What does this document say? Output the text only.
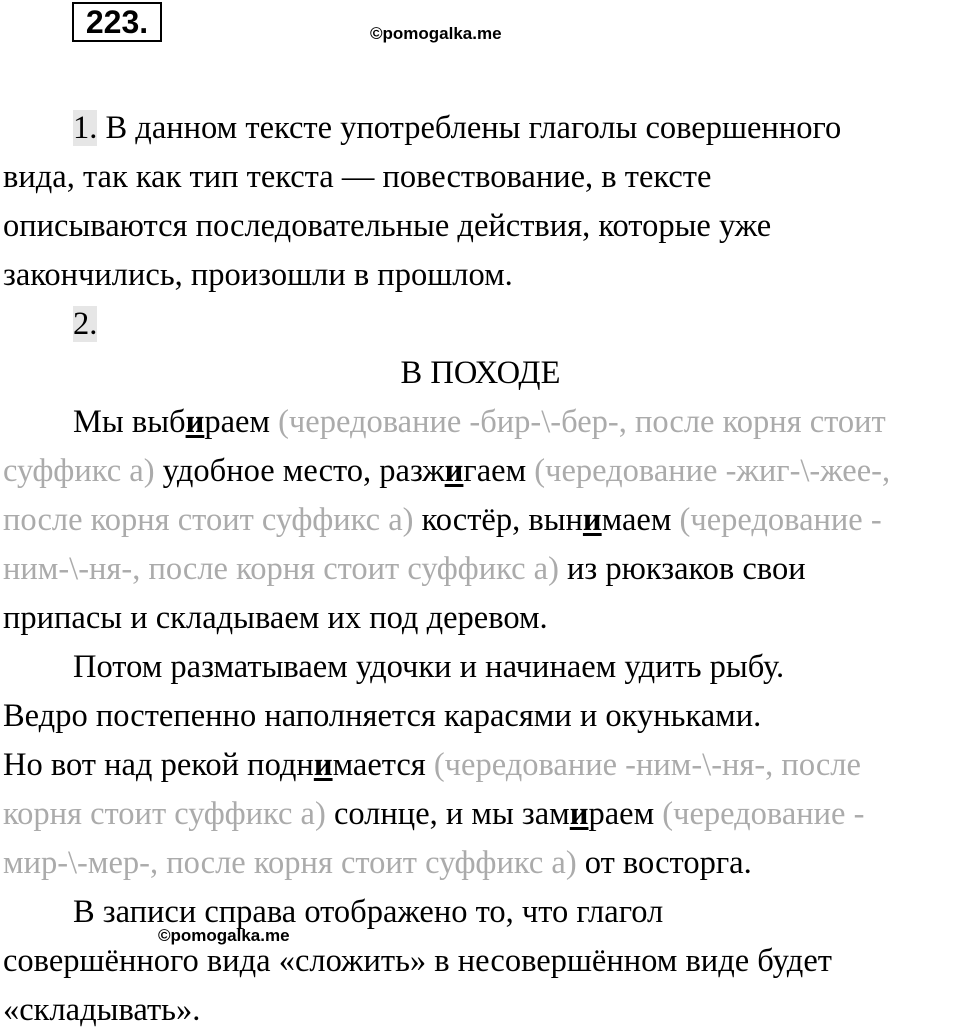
223.	©pomogalka.me
1. В данном тексте употреблены глаголы совершенного
вида, так как тип текста — повествование, в тексте
описываются последовательные действия, которые уже
закончились, произошли в прошлом.
2.
В ПОХОДЕ
Мы выбираем (чередование -бир-\-бер-, после корня стоит
суффикс а) удобное место, разжигаем (чередование -жиг-\-жее-,
после корня стоит суффикс а) костёр, вынимаем (чередование -
ним-\-ня-, после корня стоит суффикс а) из рюкзаков свои
припасы и складываем их под деревом.
Потом разматываем удочки и начинаем удить рыбу.
Ведро постепенно наполняется карасями и окуньками.
Но вот над рекой поднимается (чередование -ним-\-ня-, после
корня стоит суффикс а) солнце, и мы замираем (чередование -
мир-\-мер-, после корня стоит суффикс а) от восторга.
В записи справа отображено то, что глагол
совершённого вида «сложить» в несовершённом виде будет
«складывать».
©pomogalka.me
